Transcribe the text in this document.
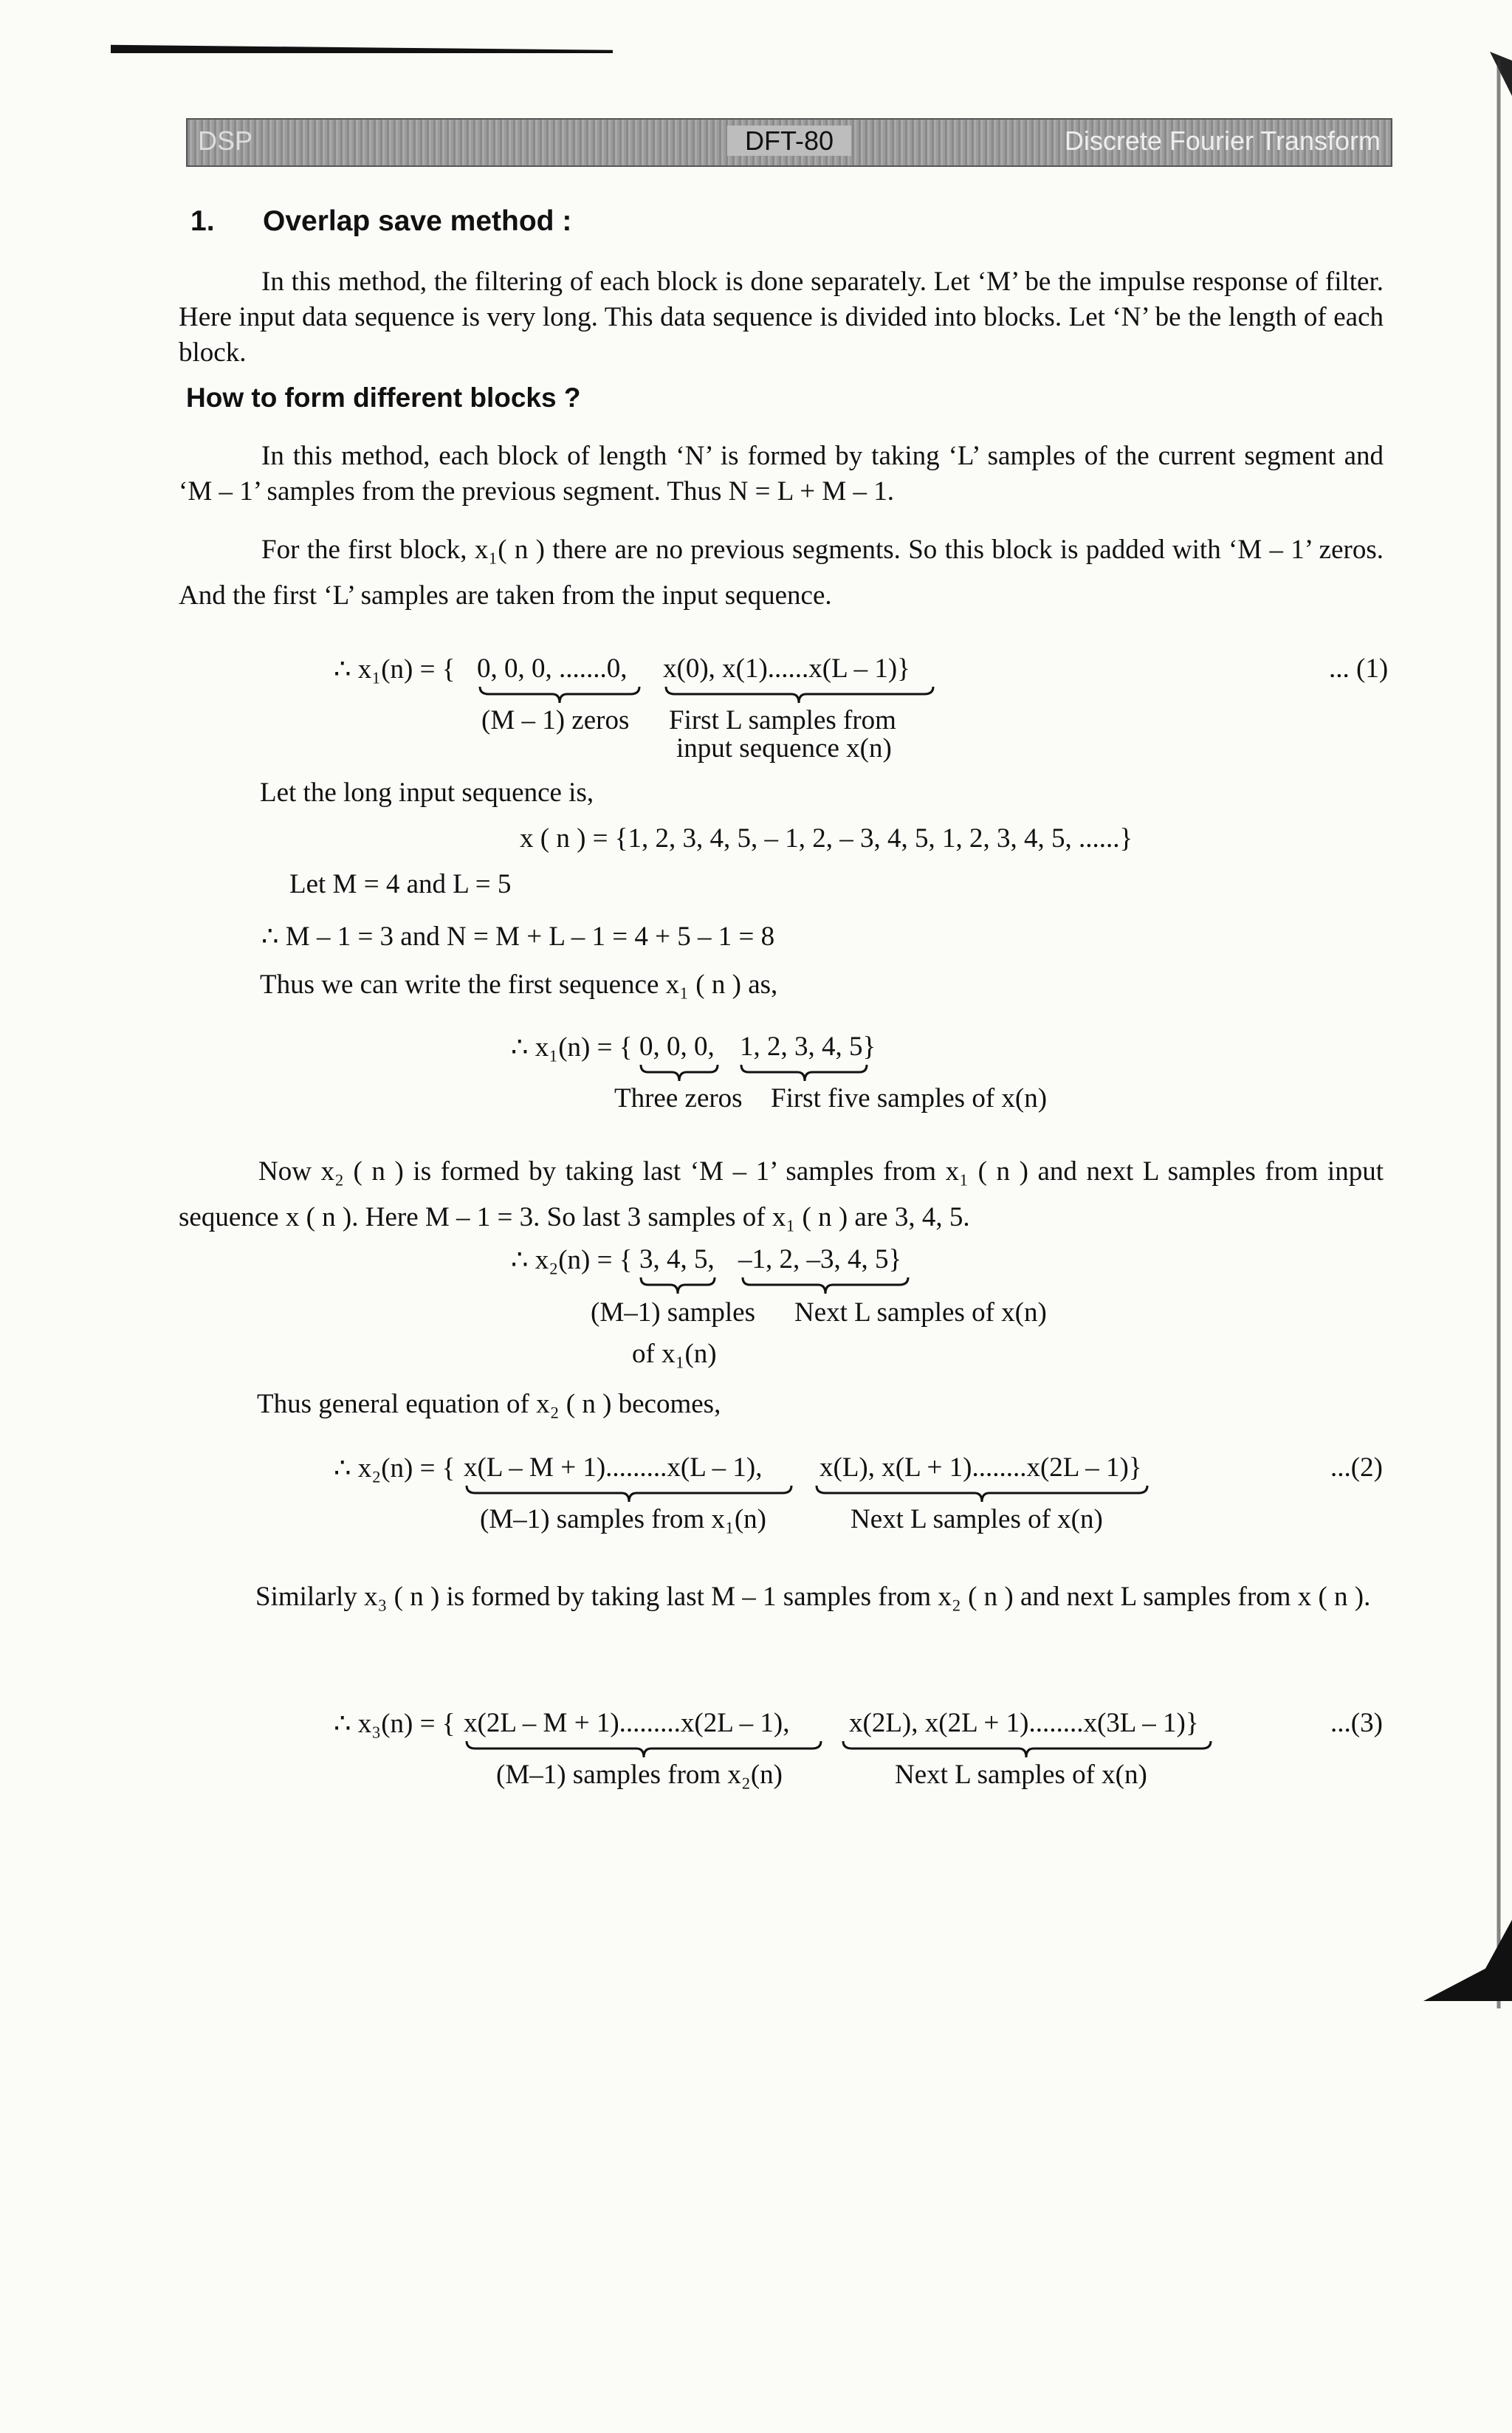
DSP	DFT-80	Discrete Fourier Transform
1. Overlap save method :
In this method, the filtering of each block is done separately. Let ‘M’ be the impulse response of filter. Here input data sequence is very long. This data sequence is divided into blocks. Let ‘N’ be the length of each block.
How to form different blocks ?
In this method, each block of length ‘N’ is formed by taking ‘L’ samples of the current segment and ‘M – 1’ samples from the previous segment. Thus N = L + M – 1.
For the first block, x₁( n ) there are no previous segments. So this block is padded with ‘M – 1’ zeros. And the first ‘L’ samples are taken from the input sequence.
∴ x₁(n) = { 0, 0, 0, .......0, x(0), x(1)......x(L – 1)}	... (1)
(M – 1) zeros First L samples from
input sequence x(n)
Let the long input sequence is,
x ( n ) = {1, 2, 3, 4, 5, – 1, 2, – 3, 4, 5, 1, 2, 3, 4, 5, ......}
Let M = 4 and L = 5
∴ M – 1 = 3 and N = M + L – 1 = 4 + 5 – 1 = 8
Thus we can write the first sequence x₁ ( n ) as,
∴ x₁(n) = { 0, 0, 0, 1, 2, 3, 4, 5}
Three zeros First five samples of x(n)
Now x₂ ( n ) is formed by taking last ‘M – 1’ samples from x₁ ( n ) and next L samples from input sequence x ( n ). Here M – 1 = 3. So last 3 samples of x₁ ( n ) are 3, 4, 5.
∴ x₂(n) = { 3, 4, 5, –1, 2, –3, 4, 5}
(M–1) samples
of x₁(n)
Next L samples of x(n)
Thus general equation of x₂ ( n ) becomes,
∴ x₂(n) = { x(L – M + 1).........x(L – 1), x(L), x(L + 1)........x(2L – 1)}	...(2)
(M–1) samples from x₁(n)	Next L samples of x(n)
Similarly x₃ ( n ) is formed by taking last M – 1 samples from x₂ ( n ) and next L samples from x ( n ).
∴ x₃(n) = { x(2L – M + 1).........x(2L – 1), x(2L), x(2L + 1)........x(3L – 1)}	...(3)
(M–1) samples from x₂(n)	Next L samples of x(n)
